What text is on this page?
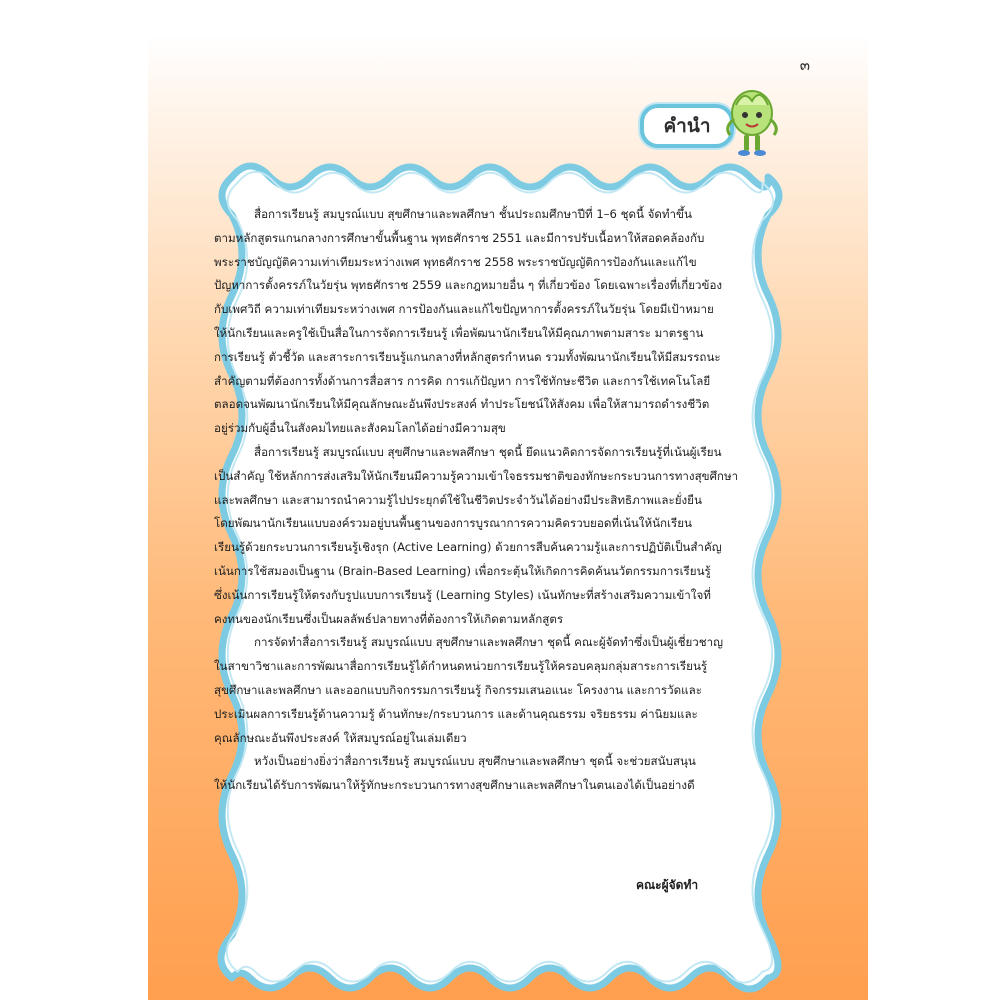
๓
คำนำ
สื่อการเรียนรู้ สมบูรณ์แบบ สุขศึกษาและพลศึกษา ชั้นประถมศึกษาปีที่ 1–6 ชุดนี้ จัดทำขึ้น
ตามหลักสูตรแกนกลางการศึกษาขั้นพื้นฐาน พุทธศักราช 2551 และมีการปรับเนื้อหาให้สอดคล้องกับ
พระราชบัญญัติความเท่าเทียมระหว่างเพศ พุทธศักราช 2558 พระราชบัญญัติการป้องกันและแก้ไข
ปัญหาการตั้งครรภ์ในวัยรุ่น พุทธศักราช 2559 และกฎหมายอื่น ๆ ที่เกี่ยวข้อง โดยเฉพาะเรื่องที่เกี่ยวข้อง
กับเพศวิถี ความเท่าเทียมระหว่างเพศ การป้องกันและแก้ไขปัญหาการตั้งครรภ์ในวัยรุ่น โดยมีเป้าหมาย
ให้นักเรียนและครูใช้เป็นสื่อในการจัดการเรียนรู้ เพื่อพัฒนานักเรียนให้มีคุณภาพตามสาระ มาตรฐาน
การเรียนรู้ ตัวชี้วัด และสาระการเรียนรู้แกนกลางที่หลักสูตรกำหนด รวมทั้งพัฒนานักเรียนให้มีสมรรถนะ
สำคัญตามที่ต้องการทั้งด้านการสื่อสาร การคิด การแก้ปัญหา การใช้ทักษะชีวิต และการใช้เทคโนโลยี
ตลอดจนพัฒนานักเรียนให้มีคุณลักษณะอันพึงประสงค์ ทำประโยชน์ให้สังคม เพื่อให้สามารถดำรงชีวิต
อยู่ร่วมกับผู้อื่นในสังคมไทยและสังคมโลกได้อย่างมีความสุข
สื่อการเรียนรู้ สมบูรณ์แบบ สุขศึกษาและพลศึกษา ชุดนี้ ยึดแนวคิดการจัดการเรียนรู้ที่เน้นผู้เรียน
เป็นสำคัญ ใช้หลักการส่งเสริมให้นักเรียนมีความรู้ความเข้าใจธรรมชาติของทักษะกระบวนการทางสุขศึกษา
และพลศึกษา และสามารถนำความรู้ไปประยุกต์ใช้ในชีวิตประจำวันได้อย่างมีประสิทธิภาพและยั่งยืน
โดยพัฒนานักเรียนแบบองค์รวมอยู่บนพื้นฐานของการบูรณาการความคิดรวบยอดที่เน้นให้นักเรียน
เรียนรู้ด้วยกระบวนการเรียนรู้เชิงรุก (Active Learning) ด้วยการสืบค้นความรู้และการปฏิบัติเป็นสำคัญ
เน้นการใช้สมองเป็นฐาน (Brain-Based Learning) เพื่อกระตุ้นให้เกิดการคิดค้นนวัตกรรมการเรียนรู้
ซึ่งเน้นการเรียนรู้ให้ตรงกับรูปแบบการเรียนรู้ (Learning Styles) เน้นทักษะที่สร้างเสริมความเข้าใจที่
คงทนของนักเรียนซึ่งเป็นผลลัพธ์ปลายทางที่ต้องการให้เกิดตามหลักสูตร
การจัดทำสื่อการเรียนรู้ สมบูรณ์แบบ สุขศึกษาและพลศึกษา ชุดนี้ คณะผู้จัดทำซึ่งเป็นผู้เชี่ยวชาญ
ในสาขาวิชาและการพัฒนาสื่อการเรียนรู้ได้กำหนดหน่วยการเรียนรู้ให้ครอบคลุมกลุ่มสาระการเรียนรู้
สุขศึกษาและพลศึกษา และออกแบบกิจกรรมการเรียนรู้ กิจกรรมเสนอแนะ โครงงาน และการวัดและ
ประเมินผลการเรียนรู้ด้านความรู้ ด้านทักษะ/กระบวนการ และด้านคุณธรรม จริยธรรม ค่านิยมและ
คุณลักษณะอันพึงประสงค์ ให้สมบูรณ์อยู่ในเล่มเดียว
หวังเป็นอย่างยิ่งว่าสื่อการเรียนรู้ สมบูรณ์แบบ สุขศึกษาและพลศึกษา ชุดนี้ จะช่วยสนับสนุน
ให้นักเรียนได้รับการพัฒนาให้รู้ทักษะกระบวนการทางสุขศึกษาและพลศึกษาในตนเองได้เป็นอย่างดี
คณะผู้จัดทำ
